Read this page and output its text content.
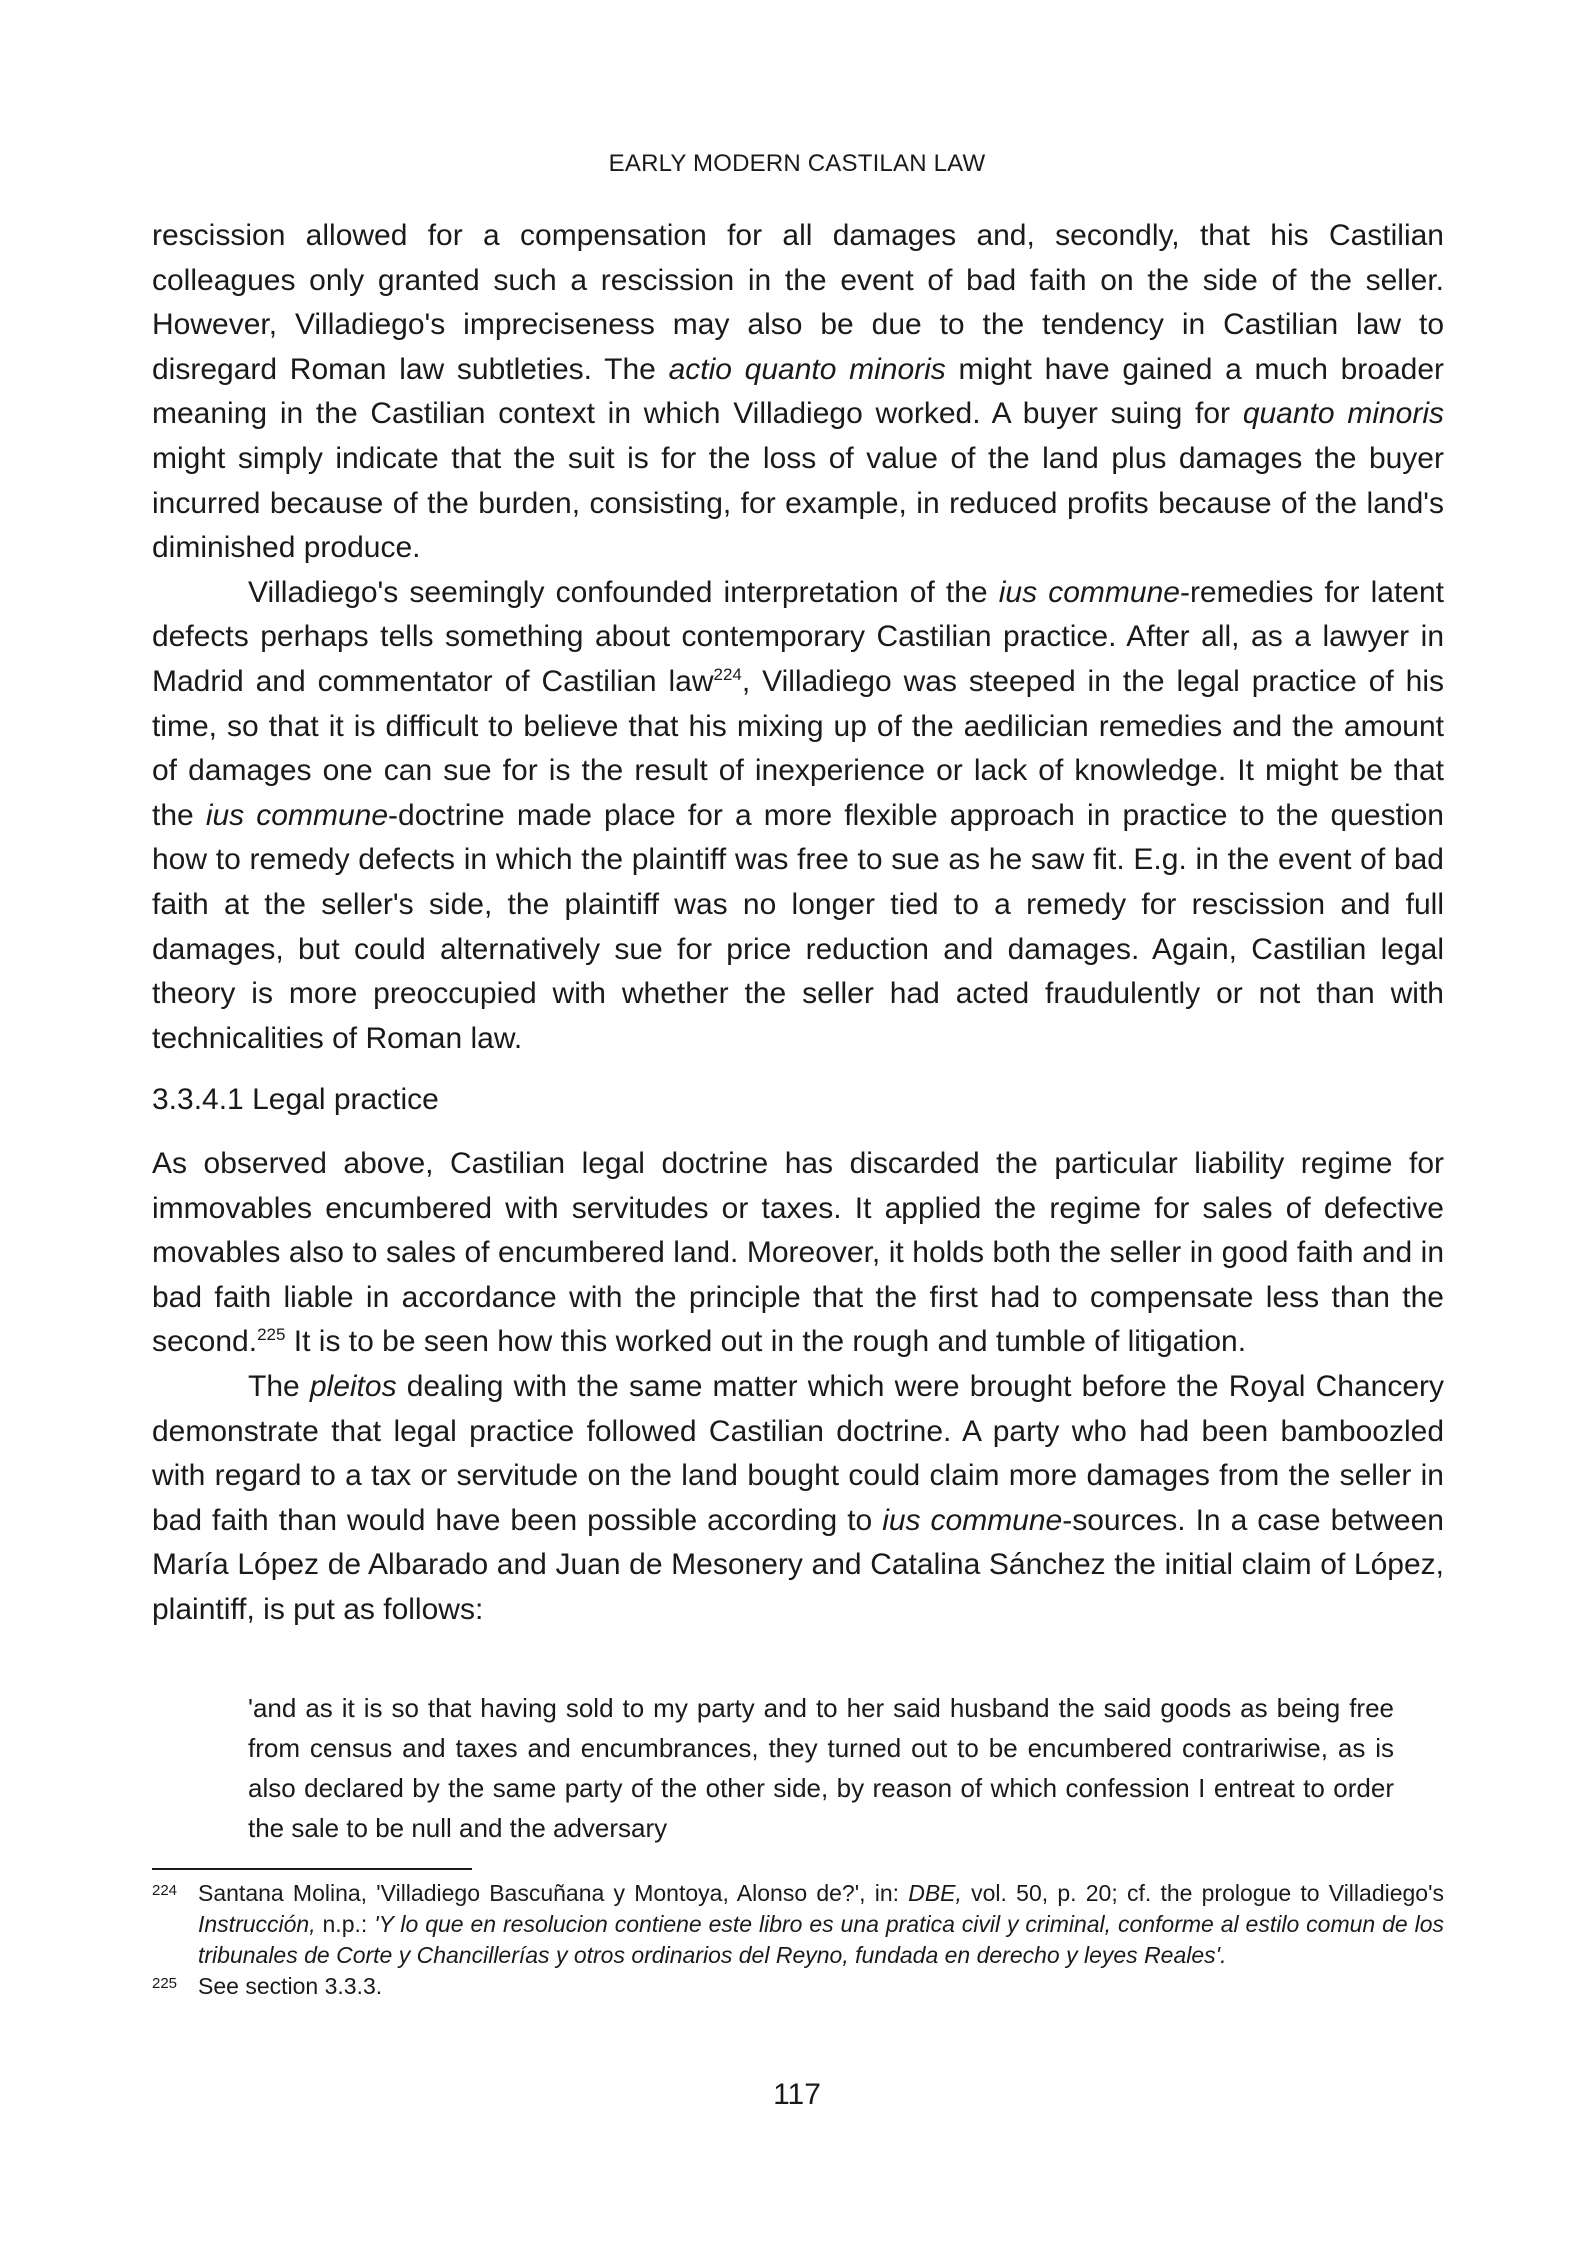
EARLY MODERN CASTILAN LAW

rescission allowed for a compensation for all damages and, secondly, that his Castilian colleagues only granted such a rescission in the event of bad faith on the side of the seller. However, Villadiego's impreciseness may also be due to the tendency in Castilian law to disregard Roman law subtleties. The actio quanto minoris might have gained a much broader meaning in the Castilian context in which Villadiego worked. A buyer suing for quanto minoris might simply indicate that the suit is for the loss of value of the land plus damages the buyer incurred because of the burden, consisting, for example, in reduced profits because of the land's diminished produce.

Villadiego's seemingly confounded interpretation of the ius commune-remedies for latent defects perhaps tells something about contemporary Castilian practice. After all, as a lawyer in Madrid and commentator of Castilian law$^{224}$, Villadiego was steeped in the legal practice of his time, so that it is difficult to believe that his mixing up of the aedilician remedies and the amount of damages one can sue for is the result of inexperience or lack of knowledge. It might be that the ius commune-doctrine made place for a more flexible approach in practice to the question how to remedy defects in which the plaintiff was free to sue as he saw fit. E.g. in the event of bad faith at the seller's side, the plaintiff was no longer tied to a remedy for rescission and full damages, but could alternatively sue for price reduction and damages. Again, Castilian legal theory is more preoccupied with whether the seller had acted fraudulently or not than with technicalities of Roman law.

3.3.4.1 Legal practice

As observed above, Castilian legal doctrine has discarded the particular liability regime for immovables encumbered with servitudes or taxes. It applied the regime for sales of defective movables also to sales of encumbered land. Moreover, it holds both the seller in good faith and in bad faith liable in accordance with the principle that the first had to compensate less than the second.$^{225}$ It is to be seen how this worked out in the rough and tumble of litigation.

The pleitos dealing with the same matter which were brought before the Royal Chancery demonstrate that legal practice followed Castilian doctrine. A party who had been bamboozled with regard to a tax or servitude on the land bought could claim more damages from the seller in bad faith than would have been possible according to ius commune-sources. In a case between María López de Albarado and Juan de Mesonery and Catalina Sánchez the initial claim of López, plaintiff, is put as follows:

'and as it is so that having sold to my party and to her said husband the said goods as being free from census and taxes and encumbrances, they turned out to be encumbered contrariwise, as is also declared by the same party of the other side, by reason of which confession I entreat to order the sale to be null and the adversary

224 Santana Molina, 'Villadiego Bascuñana y Montoya, Alonso de?', in: DBE, vol. 50, p. 20; cf. the prologue to Villadiego's Instrucción, n.p.: 'Y lo que en resolucion contiene este libro es una pratica civil y criminal, conforme al estilo comun de los tribunales de Corte y Chancillerías y otros ordinarios del Reyno, fundada en derecho y leyes Reales'.
225 See section 3.3.3.
117
